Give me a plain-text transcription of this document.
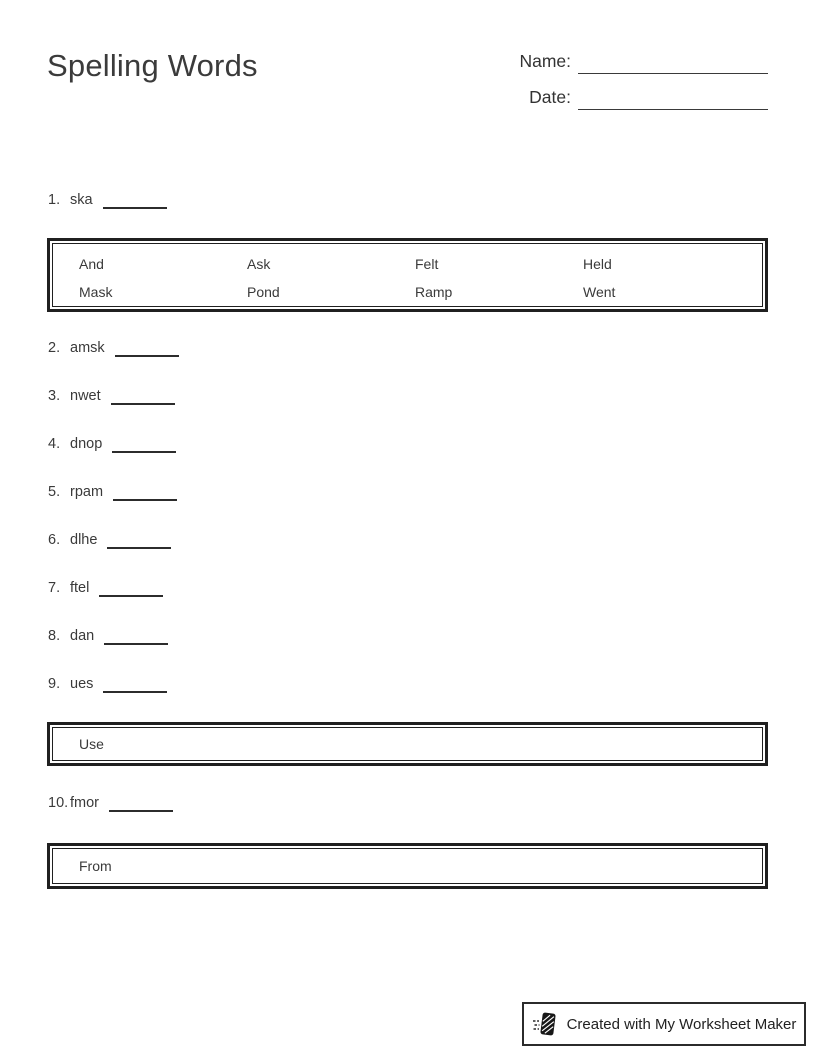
Spelling Words	Name:
Date:
1. ska
And	Ask	Felt	Held
Mask	Pond	Ramp	Went
2. amsk
3. nwet
4. dnop
5. rpam
6. dlhe
7. ftel
8. dan
9. ues
Use
10. fmor
From
Created with My Worksheet Maker
